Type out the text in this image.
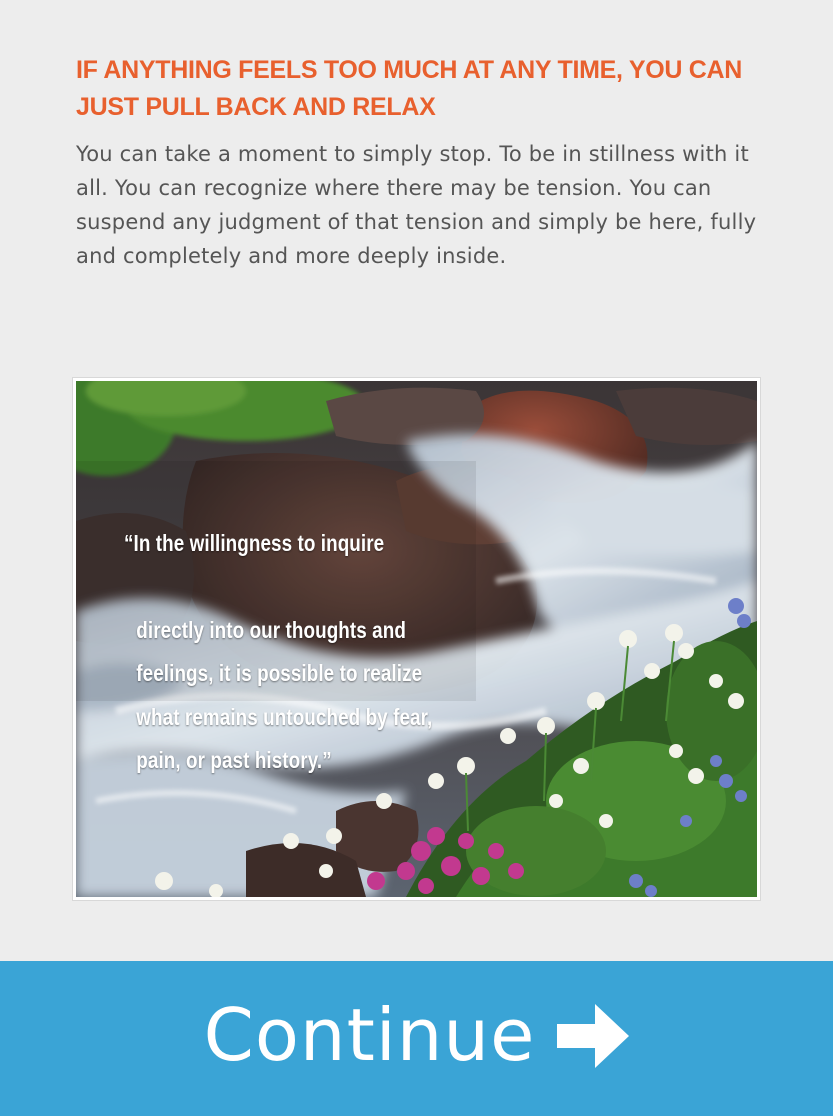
IF ANYTHING FEELS TOO MUCH AT ANY TIME, YOU CAN JUST PULL BACK AND RELAX

You can take a moment to simply stop. To be in stillness with it all. You can recognize where there may be tension. You can suspend any judgment of that tension and simply be here, fully and completely and more deeply inside.

“In the willingness to inquire

directly into our thoughts and
feelings, it is possible to realize
what remains untouched by fear,
pain, or past history.”

Continue
